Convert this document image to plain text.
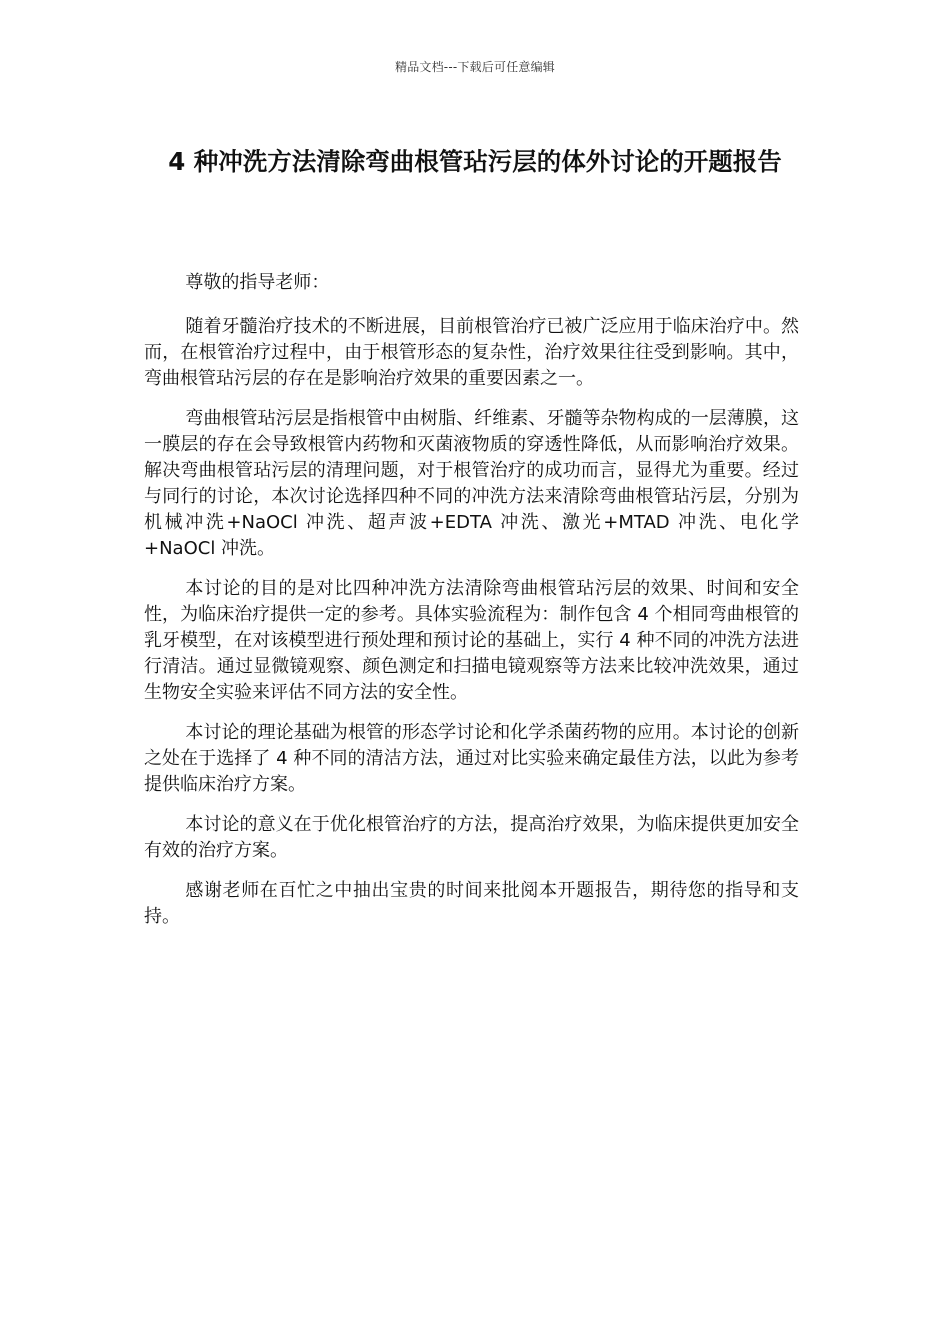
精品文档---下载后可任意编辑
4 种冲洗方法清除弯曲根管玷污层的体外讨论的开题报告

尊敬的指导老师：

随着牙髓治疗技术的不断进展，目前根管治疗已被广泛应用于临床治疗中。然而，在根管治疗过程中，由于根管形态的复杂性，治疗效果往往受到影响。其中，弯曲根管玷污层的存在是影响治疗效果的重要因素之一。

弯曲根管玷污层是指根管中由树脂、纤维素、牙髓等杂物构成的一层薄膜，这一膜层的存在会导致根管内药物和灭菌液物质的穿透性降低，从而影响治疗效果。解决弯曲根管玷污层的清理问题，对于根管治疗的成功而言，显得尤为重要。经过与同行的讨论，本次讨论选择四种不同的冲洗方法来清除弯曲根管玷污层，分别为机械冲洗+NaOCl 冲洗、超声波+EDTA 冲洗、激光+MTAD 冲洗、电化学+NaOCl 冲洗。

本讨论的目的是对比四种冲洗方法清除弯曲根管玷污层的效果、时间和安全性，为临床治疗提供一定的参考。具体实验流程为：制作包含 4 个相同弯曲根管的乳牙模型，在对该模型进行预处理和预讨论的基础上，实行 4 种不同的冲洗方法进行清洁。通过显微镜观察、颜色测定和扫描电镜观察等方法来比较冲洗效果，通过生物安全实验来评估不同方法的安全性。

本讨论的理论基础为根管的形态学讨论和化学杀菌药物的应用。本讨论的创新之处在于选择了 4 种不同的清洁方法，通过对比实验来确定最佳方法，以此为参考提供临床治疗方案。

本讨论的意义在于优化根管治疗的方法，提高治疗效果，为临床提供更加安全有效的治疗方案。

感谢老师在百忙之中抽出宝贵的时间来批阅本开题报告，期待您的指导和支持。
